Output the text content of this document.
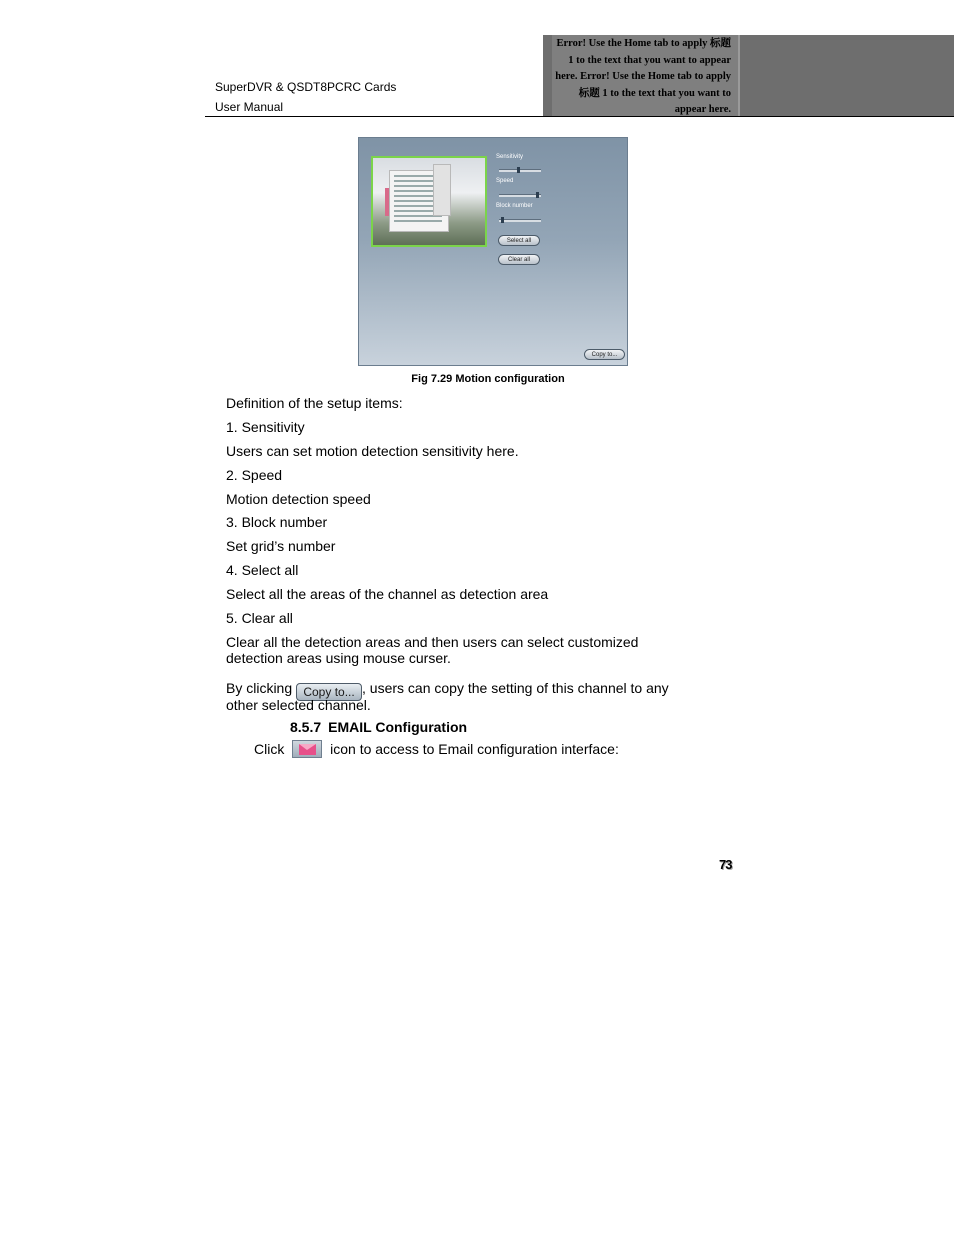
SuperDVR & QSDT8PCRC Cards
User Manual
Error! Use the Home tab to apply 标题 1 to the text that you want to appear here. Error! Use the Home tab to apply 标题 1 to the text that you want to appear here.
Sensitivity
Speed
Block number
Select all
Clear all
Copy to...
Fig 7.29 Motion configuration
Definition of the setup items:
1. Sensitivity
Users can set motion detection sensitivity here.
2. Speed
Motion detection speed
3. Block number
Set grid’s number
4. Select all
Select all the areas of the channel as detection area
5. Clear all
Clear all the detection areas and then users can select customized
detection areas using mouse curser.
By clicking Copy to... , users can copy the setting of this channel to any
other selected channel.
8.5.7 EMAIL Configuration
Click	icon to access to Email configuration interface:
73
